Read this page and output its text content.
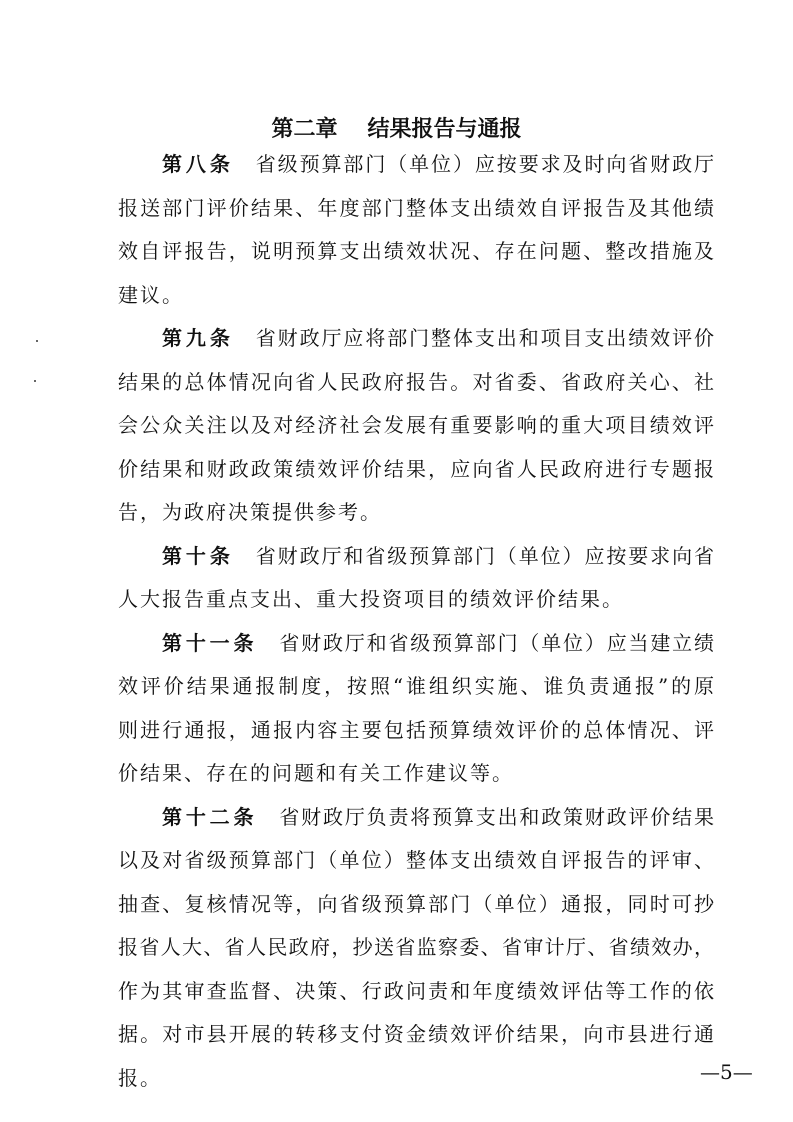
第二章 结果报告与通报
第八条 省级预算部门（单位）应按要求及时向省财政厅
报送部门评价结果、年度部门整体支出绩效自评报告及其他绩
效自评报告，说明预算支出绩效状况、存在问题、整改措施及
建议。
第九条 省财政厅应将部门整体支出和项目支出绩效评价
结果的总体情况向省人民政府报告。对省委、省政府关心、社
会公众关注以及对经济社会发展有重要影响的重大项目绩效评
价结果和财政政策绩效评价结果，应向省人民政府进行专题报
告，为政府决策提供参考。
第十条 省财政厅和省级预算部门（单位）应按要求向省
人大报告重点支出、重大投资项目的绩效评价结果。
第十一条 省财政厅和省级预算部门（单位）应当建立绩
效评价结果通报制度，按照“谁组织实施、谁负责通报”的原
则进行通报，通报内容主要包括预算绩效评价的总体情况、评
价结果、存在的问题和有关工作建议等。
第十二条 省财政厅负责将预算支出和政策财政评价结果
以及对省级预算部门（单位）整体支出绩效自评报告的评审、
抽查、复核情况等，向省级预算部门（单位）通报，同时可抄
报省人大、省人民政府，抄送省监察委、省审计厅、省绩效办，
作为其审查监督、决策、行政问责和年度绩效评估等工作的依
据。对市县开展的转移支付资金绩效评价结果，向市县进行通
报。	—5—
